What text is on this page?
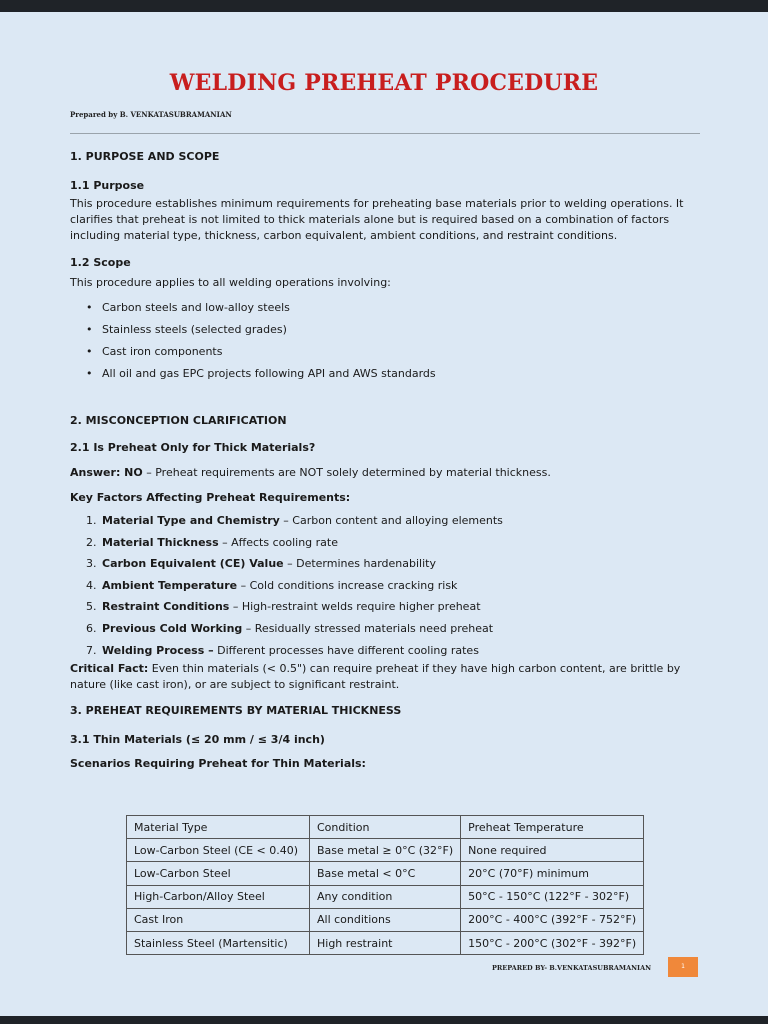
WELDING PREHEAT PROCEDURE
Prepared by B. VENKATASUBRAMANIAN
1. PURPOSE AND SCOPE
1.1 Purpose

This procedure establishes minimum requirements for preheating base materials prior to welding operations. It clarifies that preheat is not limited to thick materials alone but is required based on a combination of factors including material type, thickness, carbon equivalent, ambient conditions, and restraint conditions.

1.2 Scope

This procedure applies to all welding operations involving:

• Carbon steels and low-alloy steels
• Stainless steels (selected grades)
• Cast iron components
• All oil and gas EPC projects following API and AWS standards
2. MISCONCEPTION CLARIFICATION
2.1 Is Preheat Only for Thick Materials?

Answer: NO – Preheat requirements are NOT solely determined by material thickness.

Key Factors Affecting Preheat Requirements:
1. Material Type and Chemistry – Carbon content and alloying elements
2. Material Thickness – Affects cooling rate
3. Carbon Equivalent (CE) Value – Determines hardenability
4. Ambient Temperature – Cold conditions increase cracking risk
5. Restraint Conditions – High-restraint welds require higher preheat
6. Previous Cold Working – Residually stressed materials need preheat
7. Welding Process – Different processes have different cooling rates

Critical Fact: Even thin materials (< 0.5") can require preheat if they have high carbon content, are brittle by nature (like cast iron), or are subject to significant restraint.

3. PREHEAT REQUIREMENTS BY MATERIAL THICKNESS
3.1 Thin Materials (≤ 20 mm / ≤ 3/4 inch)
Scenarios Requiring Preheat for Thin Materials:
Material Type	Condition	Preheat Temperature
Low-Carbon Steel (CE < 0.40)	Base metal ≥ 0°C (32°F)	None required
Low-Carbon Steel	Base metal < 0°C	20°C (70°F) minimum
High-Carbon/Alloy Steel	Any condition	50°C - 150°C (122°F - 302°F)
Cast Iron	All conditions	200°C - 400°C (392°F - 752°F)
Stainless Steel (Martensitic)	High restraint	150°C - 200°C (302°F - 392°F)
PREPARED BY- B.VENKATASUBRAMANIAN	1
